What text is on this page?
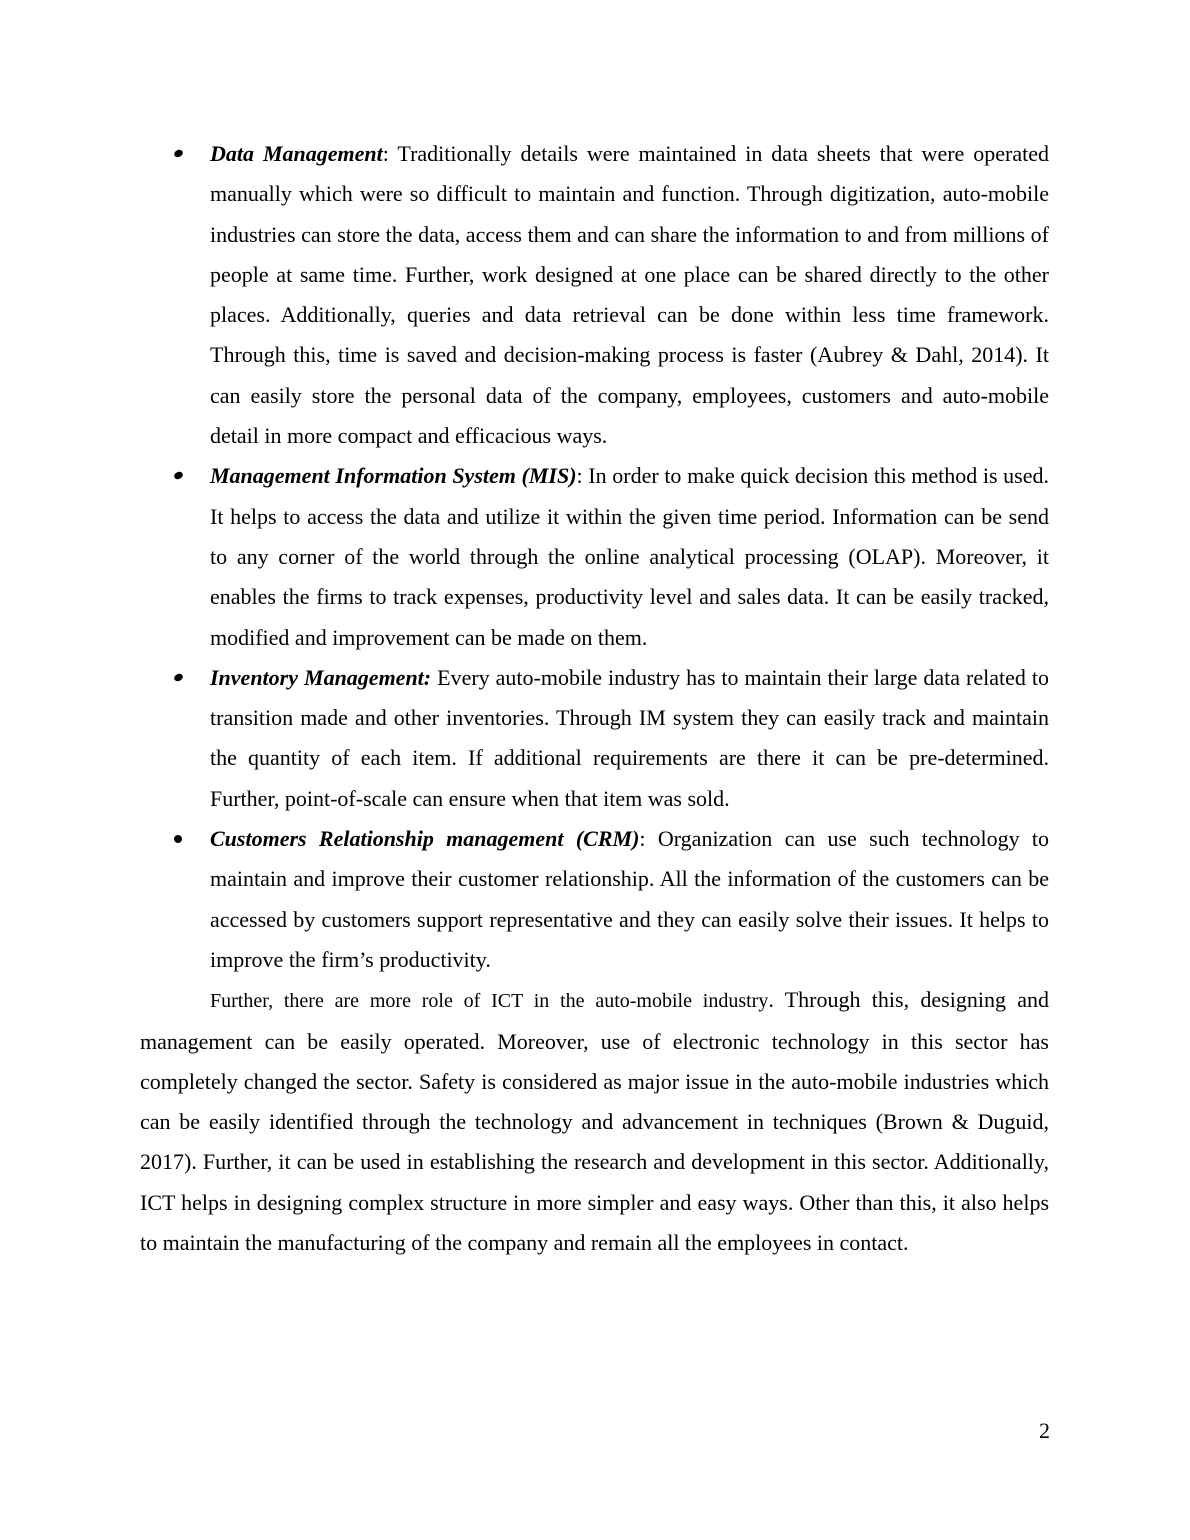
Data Management: Traditionally details were maintained in data sheets that were operated manually which were so difficult to maintain and function. Through digitization, auto-mobile industries can store the data, access them and can share the information to and from millions of people at same time. Further, work designed at one place can be shared directly to the other places. Additionally, queries and data retrieval can be done within less time framework. Through this, time is saved and decision-making process is faster (Aubrey & Dahl, 2014). It can easily store the personal data of the company, employees, customers and auto-mobile detail in more compact and efficacious ways.
Management Information System (MIS): In order to make quick decision this method is used. It helps to access the data and utilize it within the given time period. Information can be send to any corner of the world through the online analytical processing (OLAP). Moreover, it enables the firms to track expenses, productivity level and sales data. It can be easily tracked, modified and improvement can be made on them.
Inventory Management: Every auto-mobile industry has to maintain their large data related to transition made and other inventories. Through IM system they can easily track and maintain the quantity of each item. If additional requirements are there it can be pre-determined. Further, point-of-scale can ensure when that item was sold.
Customers Relationship management (CRM): Organization can use such technology to maintain and improve their customer relationship. All the information of the customers can be accessed by customers support representative and they can easily solve their issues. It helps to improve the firm’s productivity.

Further, there are more role of ICT in the auto-mobile industry. Through this, designing and management can be easily operated. Moreover, use of electronic technology in this sector has completely changed the sector. Safety is considered as major issue in the auto-mobile industries which can be easily identified through the technology and advancement in techniques (Brown & Duguid, 2017). Further, it can be used in establishing the research and development in this sector. Additionally, ICT helps in designing complex structure in more simpler and easy ways. Other than this, it also helps to maintain the manufacturing of the company and remain all the employees in contact.

2
